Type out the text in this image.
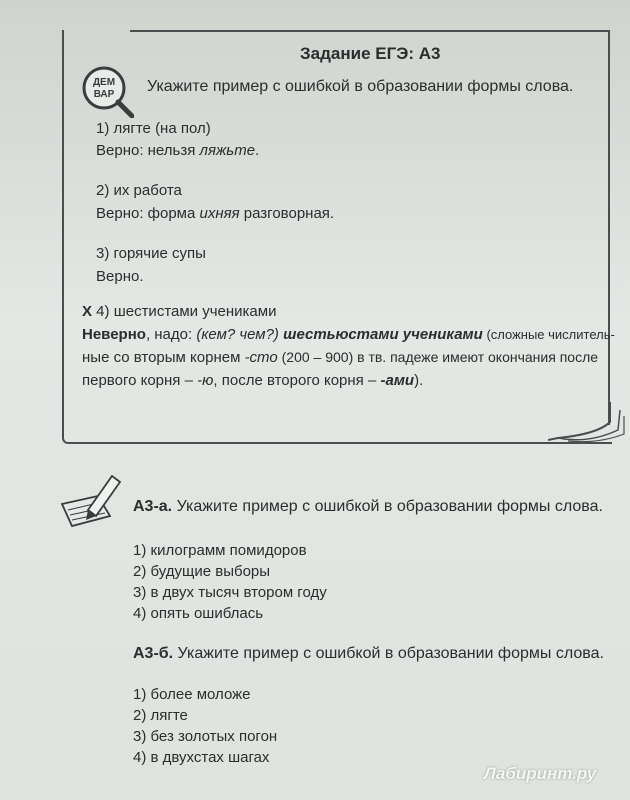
ДЕМ
ВАР
Задание ЕГЭ: А3
Укажите пример с ошибкой в образовании формы слова.
1) лягте (на пол)
Верно: нельзя ляжьте.
2) их работа
Верно: форма ихняя разговорная.
3) горячие супы
Верно.
Х 4) шестистами учениками
Неверно, надо: (кем? чем?) шестьюстами учениками (сложные числитель-
ные со вторым корнем -сто (200 – 900) в тв. падеже имеют окончания после
первого корня – -ю, после второго корня – -ами).
А3-а. Укажите пример с ошибкой в образовании формы слова.
1) килограмм помидоров
2) будущие выборы
3) в двух тысяч втором году
4) опять ошиблась
А3-б. Укажите пример с ошибкой в образовании формы слова.
1) более моложе
2) лягте
3) без золотых погон
4) в двухстах шагах
Лабиринт.ру
